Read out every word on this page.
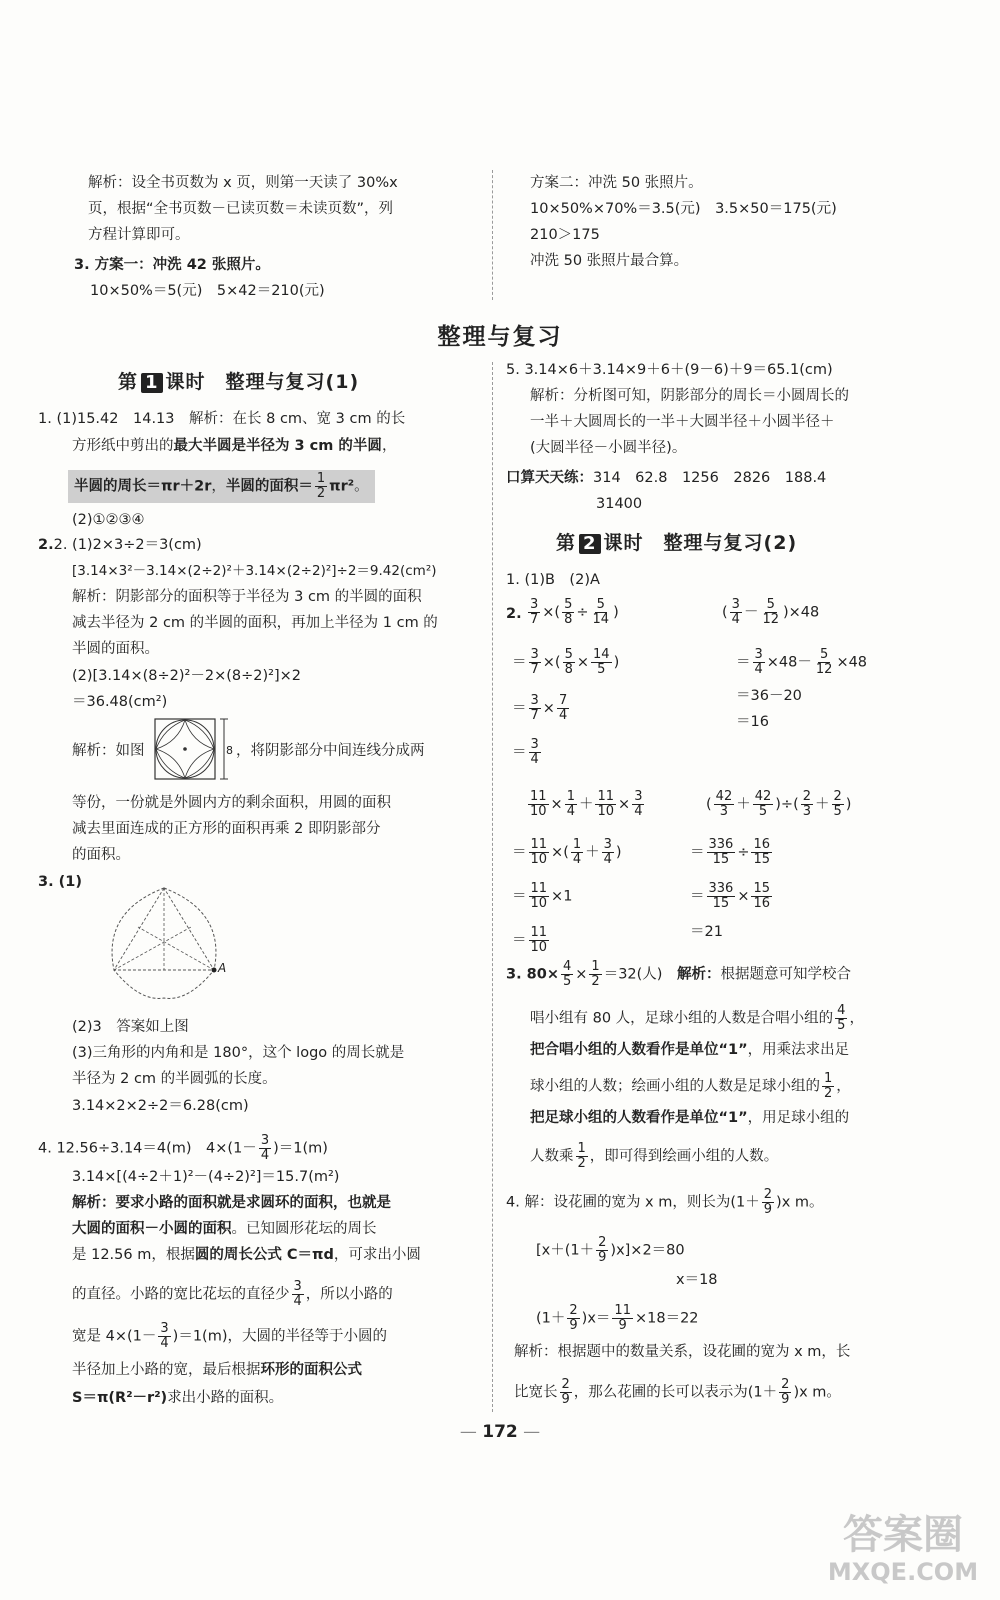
解析：设全书页数为 x 页，则第一天读了 30%x
页，根据“全书页数－已读页数＝未读页数”，列
方程计算即可。
3. 方案一：冲洗 42 张照片。
10×50%＝5(元)　5×42＝210(元)
方案二：冲洗 50 张照片。
10×50%×70%＝3.5(元)　3.5×50＝175(元)
210＞175
冲洗 50 张照片最合算。
整理与复习
第 1 课时　整理与复习(1)
1. (1)15.42　14.13　解析：在长 8 cm、宽 3 cm 的长
方形纸中剪出的最大半圆是半径为 3 cm 的半圆，
半圆的周长＝πr＋2r，半圆的面积＝ $\frac{1}{2} \pi r^2$。
(2)①②③④
2.2. (1)2×3÷2＝3(cm)
[3.14×3²－3.14×(2÷2)²＋3.14×(2÷2)²]÷2＝9.42(cm²)
解析：阴影部分的面积等于半径为 3 cm 的半圆的面积
减去半径为 2 cm 的半圆的面积，再加上半径为 1 cm 的
半圆的面积。
(2)[3.14×(8÷2)²－2×(8÷2)²]×2
＝36.48(cm²)
解析：如图	8 ，将阴影部分中间连线分成两
等份，一份就是外圆内方的剩余面积，用圆的面积
减去里面连成的正方形的面积再乘 2 即阴影部分
的面积。
3. (1)
A
(2)3　答案如上图
(3)三角形的内角和是 180°，这个 logo 的周长就是
半径为 2 cm 的半圆弧的长度。
3.14×2×2÷2＝6.28(cm)
4. 12.56÷3.14＝4(m)　$4\times(1- \frac{3}{4} )=1(m)$
3.14×[(4÷2＋1)²－(4÷2)²]＝15.7(m²)
解析：要求小路的面积就是求圆环的面积，也就是
大圆的面积－小圆的面积。已知圆形花坛的周长
是 12.56 m，根据圆的周长公式 C＝πd，可求出小圆
的直径。小路的宽比花坛的直径少 $\frac{3}{4}$ ，所以小路的
宽是 $4\times(1- \frac{3}{4} )=1(m)$，大圆的半径等于小圆的
半径加上小路的宽，最后根据环形的面积公式
S＝π(R²－r²)求出小路的面积。
5. 3.14×6＋3.14×9＋6＋(9－6)＋9＝65.1(cm)
解析：分析图可知，阴影部分的周长＝小圆周长的
一半＋大圆周长的一半＋大圆半径＋小圆半径＋
(大圆半径－小圆半径)。
口算天天练：314　62.8　1256　2826　188.4
31400
第 2 课时　整理与复习(2)
1. (1)B　(2)A
2. $\frac{3}{7}$ ×( $\frac{5}{8} \div \frac{5}{14}$ )
＝ $\frac{3}{7}$ ×( $\frac{5}{8} \times \frac{14}{5}$ )
＝ $\frac{3}{7} \times \frac{7}{4}$
＝ $\frac{3}{4}$
( $\frac{3}{4} - \frac{5}{12} )\times 48$
＝ $\frac{3}{4} \times 48- \frac{5}{12} \times 48$
＝36－20
＝16
$\frac{11}{10} \times \frac{1}{4} + \frac{11}{10} \times \frac{3}{4}$
＝ $\frac{11}{10}$ ×( $\frac{1}{4} + \frac{3}{4}$ )
＝ $\frac{11}{10} \times 1$
＝ $\frac{11}{10}$
( $\frac{42}{3} + \frac{42}{5}$ )÷( $\frac{2}{3} + \frac{2}{5}$ )
＝ $\frac{336}{15} \div \frac{16}{15}$
＝ $\frac{336}{15} \times \frac{15}{16}$
＝21
3. $80\times \frac{4}{5} \times \frac{1}{2} =32$(人)　解析：根据题意可知学校合
唱小组有 80 人，足球小组的人数是合唱小组的 $\frac{4}{5}$ ，
把合唱小组的人数看作是单位“1”，用乘法求出足
球小组的人数；绘画小组的人数是足球小组的 $\frac{1}{2}$ ，
把足球小组的人数看作是单位“1”，用足球小组的
人数乘 $\frac{1}{2}$ ，即可得到绘画小组的人数。
4. 解：设花圃的宽为 x m，则长为$(1+ \frac{2}{9} )x$ m。
$[x+(1+ \frac{2}{9} )x]\times 2=80$
x＝18
$(1+ \frac{2}{9} )x= \frac{11}{9} \times 18=22$
解析：根据题中的数量关系，设花圃的宽为 x m，长
比宽长 $\frac{2}{9}$ ，那么花圃的长可以表示为$(1+ \frac{2}{9} )x$ m。
— 172 —
答案圈
MXQE.COM
